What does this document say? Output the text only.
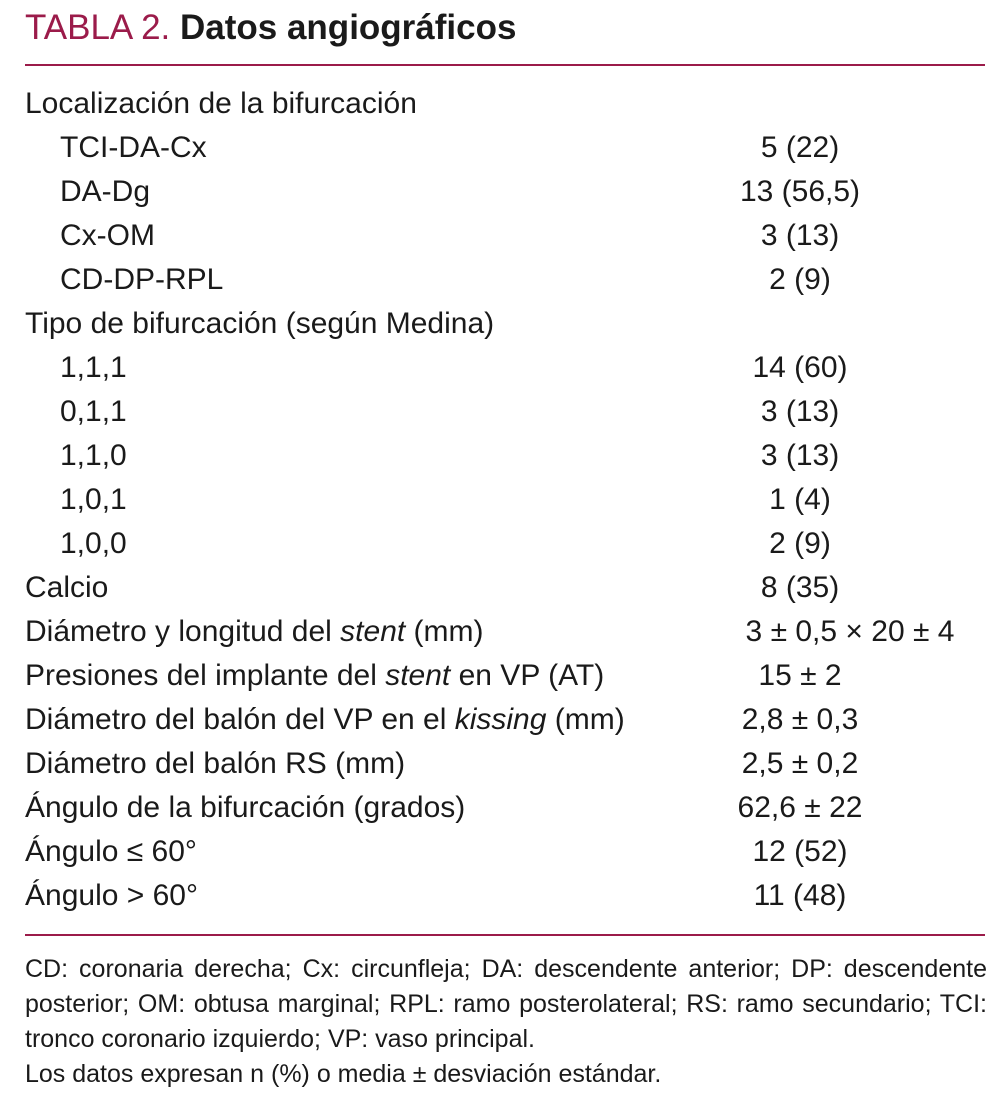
TABLA 2. Datos angiográficos
Localización de la bifurcación
TCI-DA-Cx	5 (22)
DA-Dg	13 (56,5)
Cx-OM	3 (13)
CD-DP-RPL	2 (9)
Tipo de bifurcación (según Medina)
1,1,1	14 (60)
0,1,1	3 (13)
1,1,0	3 (13)
1,0,1	1 (4)
1,0,0	2 (9)
Calcio	8 (35)
Diámetro y longitud del stent (mm)	3 ± 0,5 × 20 ± 4
Presiones del implante del stent en VP (AT)	15 ± 2
Diámetro del balón del VP en el kissing (mm)	2,8 ± 0,3
Diámetro del balón RS (mm)	2,5 ± 0,2
Ángulo de la bifurcación (grados)	62,6 ± 22
Ángulo ≤ 60°	12 (52)
Ángulo > 60°	11 (48)

CD: coronaria derecha; Cx: circunfleja; DA: descendente anterior; DP: descendente posterior; OM: obtusa marginal; RPL: ramo posterolateral; RS: ramo secundario; TCI: tronco coronario izquierdo; VP: vaso principal.

Los datos expresan n (%) o media ± desviación estándar.
